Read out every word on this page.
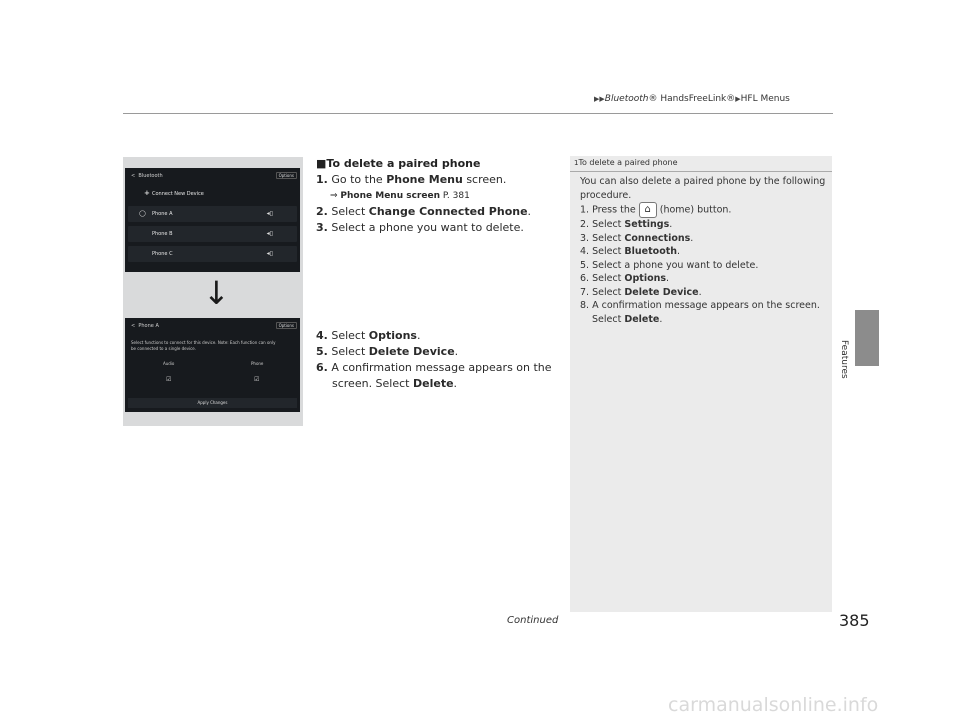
▶▶Bluetooth® HandsFreeLink®▶HFL Menus
Features
<  Bluetooth	Options
Connect New Device
+
◯ Phone A	◂▯
Phone B	◂▯
Phone C	◂▯
↓
<  Phone A	Options
Select functions to connect for this device. Note: Each function can only be connected to a single device.
Audio	Phone
☑	☑
Apply Changes
■To delete a paired phone
1. Go to the Phone Menu screen.
⇒ Phone Menu screen P. 381
2. Select Change Connected Phone.
3. Select a phone you want to delete.
4. Select Options.
5. Select Delete Device.
6. A confirmation message appears on the screen. Select Delete.
1To delete a paired phone
You can also delete a paired phone by the following procedure.
1. Press the ⌂ (home) button.
2. Select Settings.
3. Select Connections.
4. Select Bluetooth.
5. Select a phone you want to delete.
6. Select Options.
7. Select Delete Device.
8. A confirmation message appears on the screen. Select Delete.
Continued	385
carmanualsonline.info
